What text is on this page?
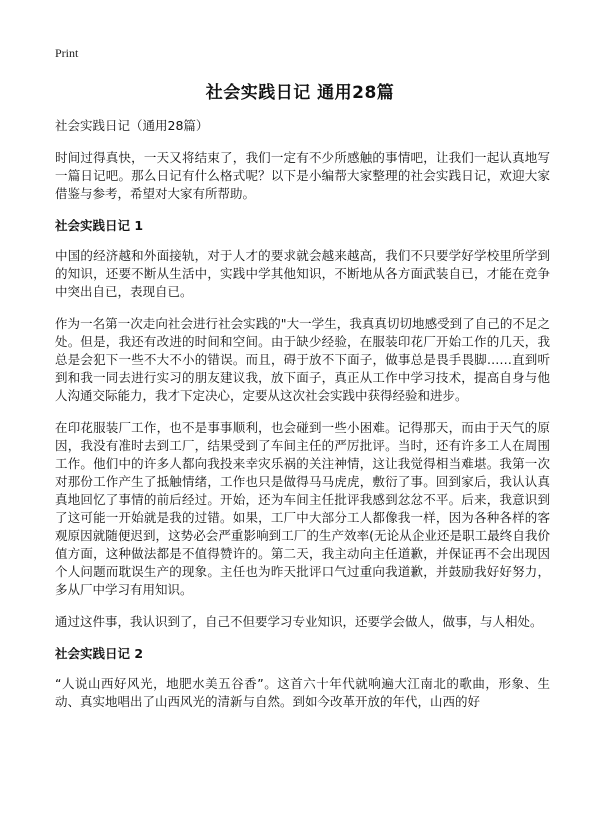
Print
社会实践日记 通用28篇

社会实践日记（通用28篇）

时间过得真快，一天又将结束了，我们一定有不少所感触的事情吧，让我们一起认真地写一篇日记吧。那么日记有什么格式呢？以下是小编帮大家整理的社会实践日记，欢迎大家借鉴与参考，希望对大家有所帮助。

社会实践日记 1

中国的经济越和外面接轨，对于人才的要求就会越来越高，我们不只要学好学校里所学到的知识，还要不断从生活中，实践中学其他知识，不断地从各方面武装自已，才能在竞争中突出自已，表现自已。

作为一名第一次走向社会进行社会实践的"大一学生，我真真切切地感受到了自己的不足之处。但是，我还有改进的时间和空间。由于缺少经验，在服装印花厂开始工作的几天，我总是会犯下一些不大不小的错误。而且，碍于放不下面子，做事总是畏手畏脚……直到听到和我一同去进行实习的朋友建议我，放下面子，真正从工作中学习技术，提高自身与他人沟通交际能力，我才下定决心，定要从这次社会实践中获得经验和进步。

在印花服装厂工作，也不是事事顺利，也会碰到一些小困难。记得那天，而由于天气的原因，我没有准时去到工厂，结果受到了车间主任的严厉批评。当时，还有许多工人在周围工作。他们中的许多人都向我投来幸灾乐祸的关注神情，这让我觉得相当难堪。我第一次对那份工作产生了抵触情绪，工作也只是做得马马虎虎，敷衍了事。回到家后，我认认真真地回忆了事情的前后经过。开始，还为车间主任批评我感到忿忿不平。后来，我意识到了这可能一开始就是我的过错。如果，工厂中大部分工人都像我一样，因为各种各样的客观原因就随便迟到，这势必会严重影响到工厂的生产效率(无论从企业还是职工最终自我价值方面，这种做法都是不值得赞许的。第二天，我主动向主任道歉，并保证再不会出现因个人问题而耽误生产的现象。主任也为昨天批评口气过重向我道歉，并鼓励我好好努力，多从厂中学习有用知识。

通过这件事，我认识到了，自己不但要学习专业知识，还要学会做人，做事，与人相处。

社会实践日记 2

“人说山西好风光，地肥水美五谷香”。这首六十年代就响遍大江南北的歌曲，形象、生动、真实地唱出了山西风光的清新与自然。到如今改革开放的年代，山西的好
